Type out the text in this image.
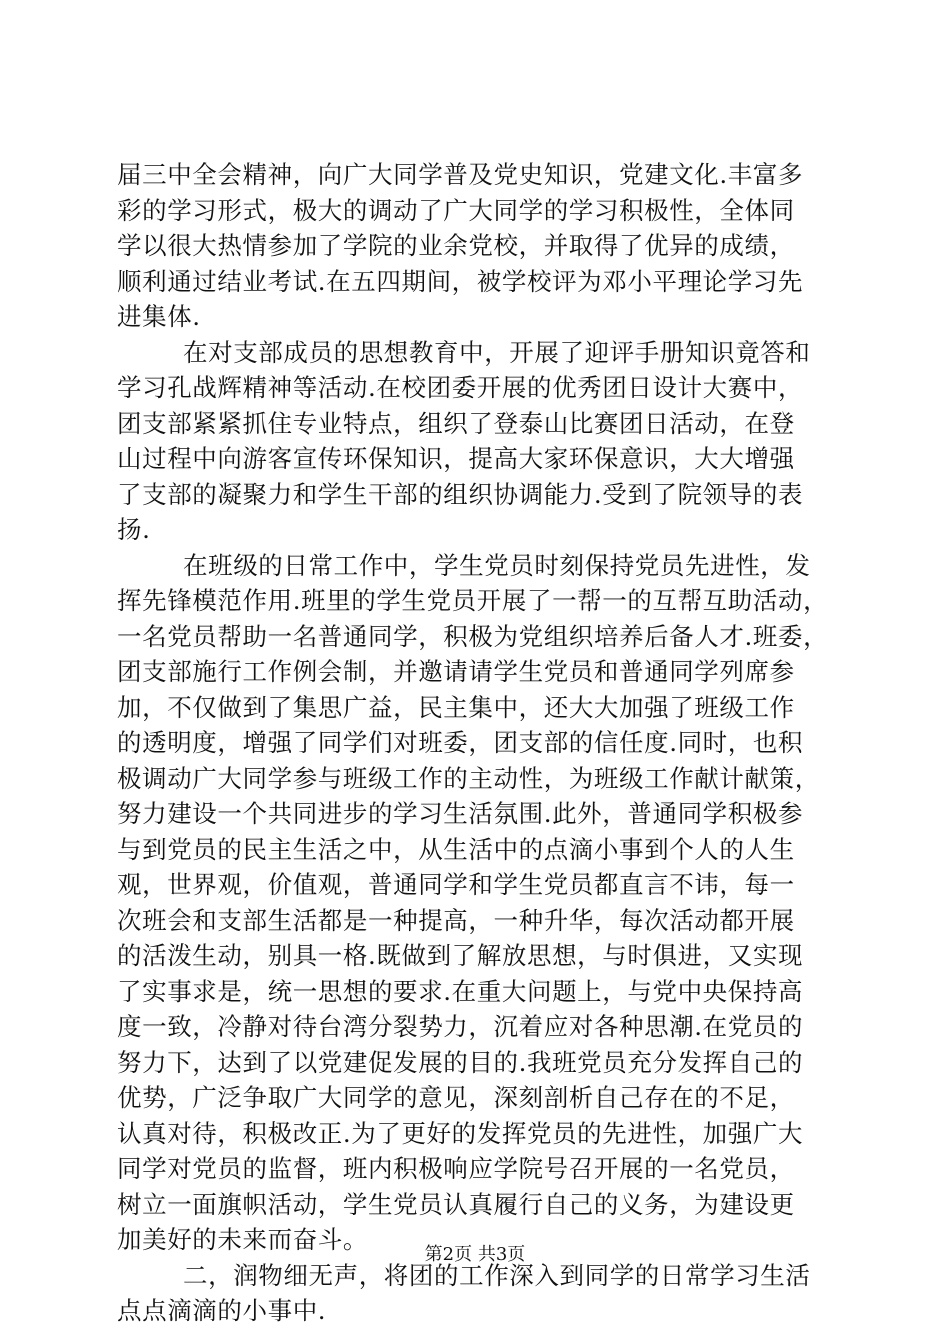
届三中全会精神，向广大同学普及党史知识，党建文化.丰富多
彩的学习形式，极大的调动了广大同学的学习积极性，全体同
学以很大热情参加了学院的业余党校，并取得了优异的成绩，
顺利通过结业考试.在五四期间，被学校评为邓小平理论学习先
进集体.
在对支部成员的思想教育中，开展了迎评手册知识竟答和
学习孔战辉精神等活动.在校团委开展的优秀团日设计大赛中，
团支部紧紧抓住专业特点，组织了登泰山比赛团日活动，在登
山过程中向游客宣传环保知识，提高大家环保意识，大大增强
了支部的凝聚力和学生干部的组织协调能力.受到了院领导的表
扬.
在班级的日常工作中，学生党员时刻保持党员先进性，发
挥先锋模范作用.班里的学生党员开展了一帮一的互帮互助活动，
一名党员帮助一名普通同学，积极为党组织培养后备人才.班委，
团支部施行工作例会制，并邀请请学生党员和普通同学列席参
加，不仅做到了集思广益，民主集中，还大大加强了班级工作
的透明度，增强了同学们对班委，团支部的信任度.同时，也积
极调动广大同学参与班级工作的主动性，为班级工作献计献策，
努力建设一个共同进步的学习生活氛围.此外，普通同学积极参
与到党员的民主生活之中，从生活中的点滴小事到个人的人生
观，世界观，价值观，普通同学和学生党员都直言不讳，每一
次班会和支部生活都是一种提高，一种升华，每次活动都开展
的活泼生动，别具一格.既做到了解放思想，与时俱进，又实现
了实事求是，统一思想的要求.在重大问题上，与党中央保持高
度一致，冷静对待台湾分裂势力，沉着应对各种思潮.在党员的
努力下，达到了以党建促发展的目的.我班党员充分发挥自己的
优势，广泛争取广大同学的意见，深刻剖析自己存在的不足，
认真对待，积极改正.为了更好的发挥党员的先进性，加强广大
同学对党员的监督，班内积极响应学院号召开展的一名党员，
树立一面旗帜活动，学生党员认真履行自己的义务，为建设更
加美好的未来而奋斗。
二，润物细无声，将团的工作深入到同学的日常学习生活
点点滴滴的小事中.
第2页 共3页
